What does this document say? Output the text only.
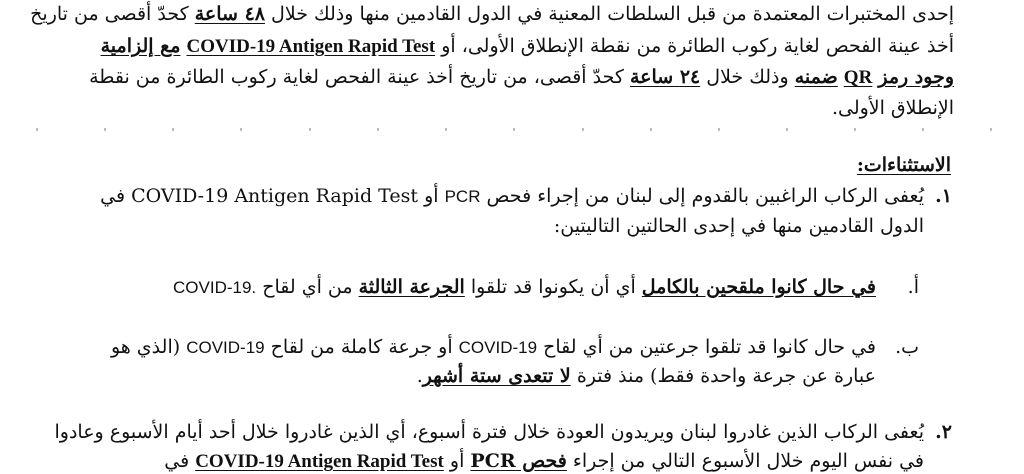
إحدى المختبرات المعتمدة من قبل السلطات المعنية في الدول القادمين منها وذلك خلال ٤٨ ساعة كحدّ أقصى من تاريخ
أخذ عينة الفحص لغاية ركوب الطائرة من نقطة الإنطلاق الأولى، أو COVID-19 Antigen Rapid Test مع إلزامية
وجود رمز QR ضمنه وذلك خلال ٢٤ ساعة كحدّ أقصى، من تاريخ أخذ عينة الفحص لغاية ركوب الطائرة من نقطة
الإنطلاق الأولى.
الاستثناءات:
١.
يُعفى الركاب الراغبين بالقدوم إلى لبنان من إجراء فحص PCR أو COVID-19 Antigen Rapid Test في
الدول القادمين منها في إحدى الحالتين التاليتين:
أ.
في حال كانوا ملقحين بالكامل أي أن يكونوا قد تلقوا الجرعة الثالثة من أي لقاح COVID-19.
ب.
في حال كانوا قد تلقوا جرعتين من أي لقاح COVID-19 أو جرعة كاملة من لقاح COVID-19 (الذي هو
عبارة عن جرعة واحدة فقط) منذ فترة لا تتعدى ستة أشهر.
٢.
يُعفى الركاب الذين غادروا لبنان ويريدون العودة خلال فترة أسبوع، أي الذين غادروا خلال أحد أيام الأسبوع وعادوا
في نفس اليوم خلال الأسبوع التالي من إجراء فحص PCR أو COVID-19 Antigen Rapid Test في
